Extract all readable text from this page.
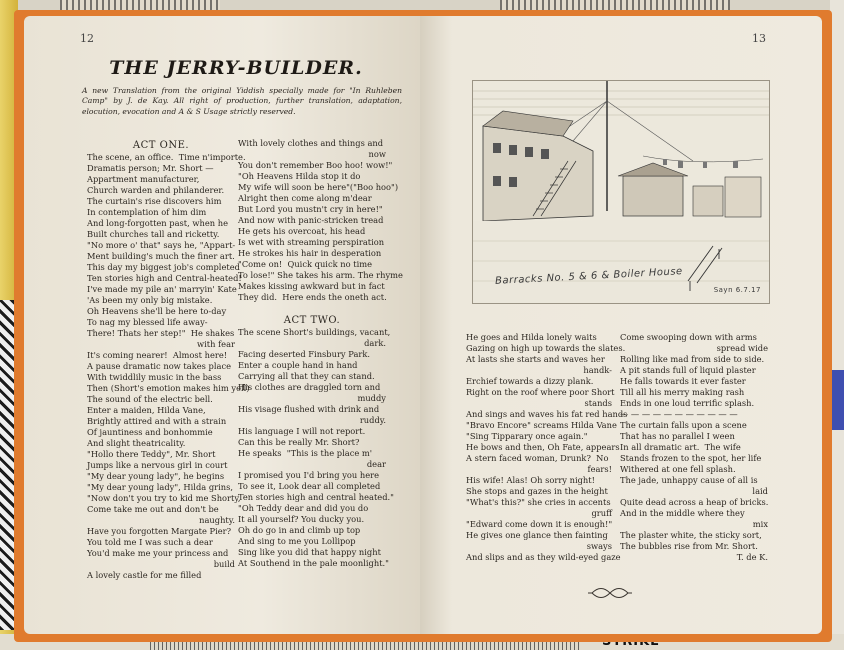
12
THE JERRY-BUILDER.

A new Translation from the original Yiddish specially made for "In Ruhleben Camp" by J. de Kay. All right of production, further translation, adaptation, elocution, evocation and A & S Usage strictly reserved.

ACT ONE.
The scene, an office.  Time n'importe.
Dramatis person; Mr. Short —
Appartment manufacturer,
Church warden and philanderer.
The curtain's rise discovers him
In contemplation of him dim
And long-forgotten past, when he
Built churches tall and ricketty.
"No more o' that" says he, "Appart-
Ment building's much the finer art.
This day my biggest job's completed
Ten stories high and Central-heated!
I've made my pile an' marryin' Kate
'As been my only big mistake.
Oh Heavens she'll be here to-day
To nag my blessed life away-
There! Thats her step!"  He shakes
with fear
It's coming nearer!  Almost here!
A pause dramatic now takes place
With twiddlily music in the bass
Then (Short's emotion makes him yell)
The sound of the electric bell.
Enter a maiden, Hilda Vane,
Brightly attired and with a strain
Of jauntiness and bonhommie
And slight theatricality.
"Hollo there Teddy", Mr. Short
Jumps like a nervous girl in court
"My dear young lady", he begins
"My dear young lady", Hilda grins,
"Now don't you try to kid me Shorty,
Come take me out and don't be
naughty.
Have you forgotten Margate Pier?
You told me I was such a dear
You'd make me your princess and
build
A lovely castle for me filled
With lovely clothes and things and
now
You don't remember Boo hoo! wow!"
"Oh Heavens Hilda stop it do
My wife will soon be here"("Boo hoo")
Alright then come along m'dear
But Lord you mustn't cry in here!"
And now with panic-stricken tread
He gets his overcoat, his head
Is wet with streaming perspiration
He strokes his hair in desperation
"Come on!  Quick quick no time
To lose!" She takes his arm. The rhyme
Makes kissing awkward but in fact
They did.  Here ends the oneth act.

ACT TWO.
The scene Short's buildings, vacant,
dark.
Facing deserted Finsbury Park.
Enter a couple hand in hand
Carrying all that they can stand.
His clothes are draggled torn and
muddy
His visage flushed with drink and
ruddy.
His language I will not report.
Can this be really Mr. Short?
He speaks  "This is the place m'
dear
I promised you I'd bring you here
To see it, Look dear all completed
Ten stories high and central heated."
"Oh Teddy dear and did you do
It all yourself? You ducky you.
Oh do go in and climb up top
And sing to me you Lollipop
Sing like you did that happy night
At Southend in the pale moonlight."
13
Barracks No. 5 & 6 & Boiler House
Sayn 6.7.17
He goes and Hilda lonely waits
Gazing on high up towards the slates.
At lasts she starts and waves her
handk-
Erchief towards a dizzy plank.
Right on the roof where poor Short
stands
And sings and waves his fat red hands
"Bravo Encore" screams Hilda Vane
"Sing Tipparary once again."
He bows and then, Oh Fate, appears
A stern faced woman, Drunk?  No
fears!
His wife! Alas! Oh sorry night!
She stops and gazes in the height
"What's this?" she cries in accents
gruff
"Edward come down it is enough!"
He gives one glance then fainting
sways
And slips and as they wild-eyed gaze
Come swooping down with arms
spread wide
Rolling like mad from side to side.
A pit stands full of liquid plaster
He falls towards it ever faster
Till all his merry making rash
Ends in one loud terrific splash.
— — — — — — — — — — —
The curtain falls upon a scene
That has no parallel I ween
In all dramatic art.  The wife
Stands frozen to the spot, her life
Withered at one fell splash.
The jade, unhappy cause of all is
laid
Quite dead across a heap of bricks.
And in the middle where they
mix
The plaster white, the sticky sort,
The bubbles rise from Mr. Short.
T. de K.
